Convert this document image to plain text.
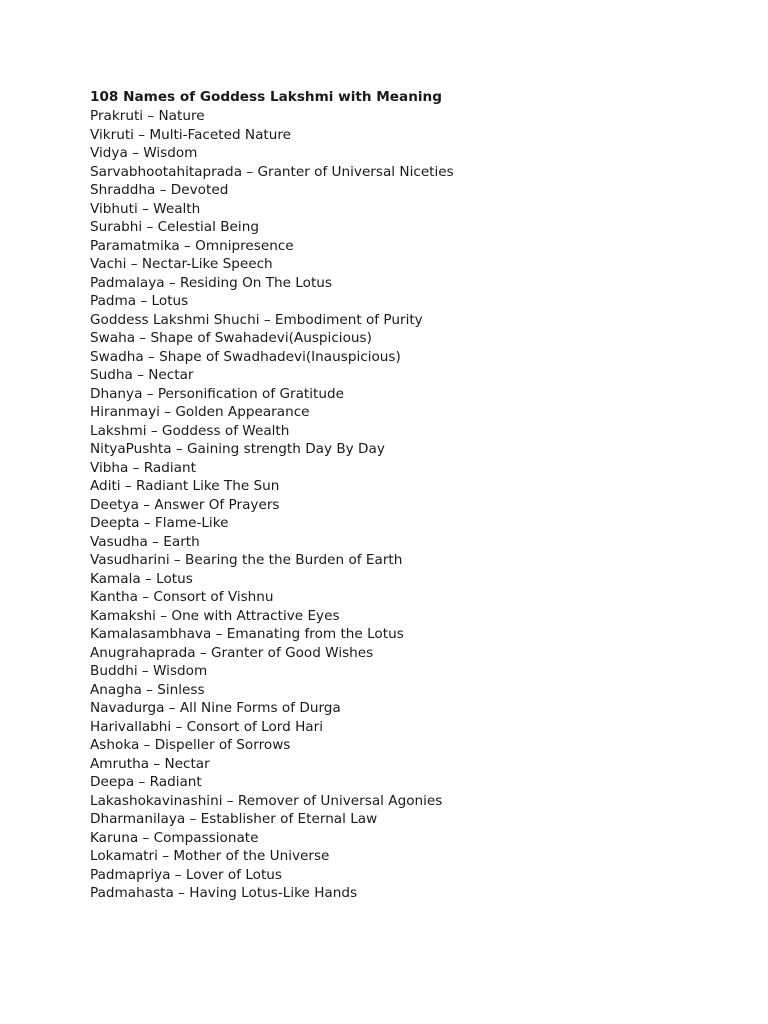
108 Names of Goddess Lakshmi with Meaning
Prakruti – Nature
Vikruti – Multi-Faceted Nature
Vidya – Wisdom
Sarvabhootahitaprada – Granter of Universal Niceties
Shraddha – Devoted
Vibhuti – Wealth
Surabhi – Celestial Being
Paramatmika – Omnipresence
Vachi – Nectar-Like Speech
Padmalaya – Residing On The Lotus
Padma – Lotus
Goddess Lakshmi Shuchi – Embodiment of Purity
Swaha – Shape of Swahadevi(Auspicious)
Swadha – Shape of Swadhadevi(Inauspicious)
Sudha – Nectar
Dhanya – Personification of Gratitude
Hiranmayi – Golden Appearance
Lakshmi – Goddess of Wealth
NityaPushta – Gaining strength Day By Day
Vibha – Radiant
Aditi – Radiant Like The Sun
Deetya – Answer Of Prayers
Deepta – Flame-Like
Vasudha – Earth
Vasudharini – Bearing the the Burden of Earth
Kamala – Lotus
Kantha – Consort of Vishnu
Kamakshi – One with Attractive Eyes
Kamalasambhava – Emanating from the Lotus
Anugrahaprada – Granter of Good Wishes
Buddhi – Wisdom
Anagha – Sinless
Navadurga – All Nine Forms of Durga
Harivallabhi – Consort of Lord Hari
Ashoka – Dispeller of Sorrows
Amrutha – Nectar
Deepa – Radiant
Lakashokavinashini – Remover of Universal Agonies
Dharmanilaya – Establisher of Eternal Law
Karuna – Compassionate
Lokamatri – Mother of the Universe
Padmapriya – Lover of Lotus
Padmahasta – Having Lotus-Like Hands
